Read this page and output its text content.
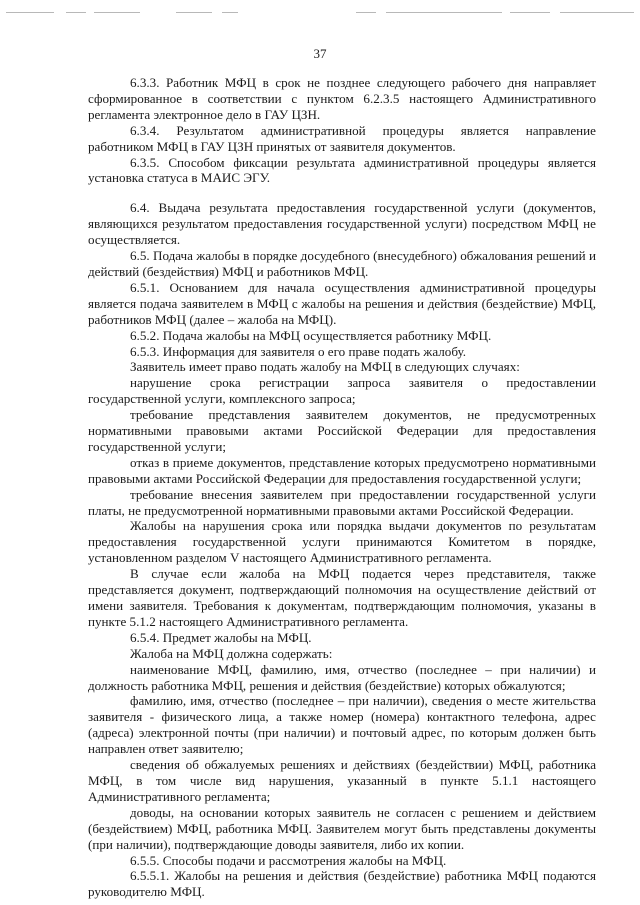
37

6.3.3. Работник МФЦ в срок не позднее следующего рабочего дня направляет сформированное в соответствии с пунктом 6.2.3.5 настоящего Административного регламента электронное дело в ГАУ ЦЗН.

6.3.4. Результатом административной процедуры является направление работником МФЦ в ГАУ ЦЗН принятых от заявителя документов.

6.3.5. Способом фиксации результата административной процедуры является установка статуса в МАИС ЭГУ.

6.4. Выдача результата предоставления государственной услуги (документов, являющихся результатом предоставления государственной услуги) посредством МФЦ не осуществляется.

6.5. Подача жалобы в порядке досудебного (внесудебного) обжалования решений и действий (бездействия) МФЦ и работников МФЦ.

6.5.1. Основанием для начала осуществления административной процедуры является подача заявителем в МФЦ с жалобы на решения и действия (бездействие) МФЦ, работников МФЦ (далее – жалоба на МФЦ).

6.5.2. Подача жалобы на МФЦ осуществляется работнику МФЦ.

6.5.3. Информация для заявителя о его праве подать жалобу.

Заявитель имеет право подать жалобу на МФЦ в следующих случаях:

нарушение срока регистрации запроса заявителя о предоставлении государственной услуги, комплексного запроса;

требование представления заявителем документов, не предусмотренных нормативными правовыми актами Российской Федерации для предоставления государственной услуги;

отказ в приеме документов, представление которых предусмотрено нормативными правовыми актами Российской Федерации для предоставления государственной услуги;

требование внесения заявителем при предоставлении государственной услуги платы, не предусмотренной нормативными правовыми актами Российской Федерации.

Жалобы на нарушения срока или порядка выдачи документов по результатам предоставления государственной услуги принимаются Комитетом в порядке, установленном разделом V настоящего Административного регламента.

В случае если жалоба на МФЦ подается через представителя, также представляется документ, подтверждающий полномочия на осуществление действий от имени заявителя. Требования к документам, подтверждающим полномочия, указаны в пункте 5.1.2 настоящего Административного регламента.

6.5.4. Предмет жалобы на МФЦ.

Жалоба на МФЦ должна содержать:

наименование МФЦ, фамилию, имя, отчество (последнее – при наличии) и должность работника МФЦ, решения и действия (бездействие) которых обжалуются;

фамилию, имя, отчество (последнее – при наличии), сведения о месте жительства заявителя - физического лица, а также номер (номера) контактного телефона, адрес (адреса) электронной почты (при наличии) и почтовый адрес, по которым должен быть направлен ответ заявителю;

сведения об обжалуемых решениях и действиях (бездействии) МФЦ, работника МФЦ, в том числе вид нарушения, указанный в пункте 5.1.1 настоящего Административного регламента;

доводы, на основании которых заявитель не согласен с решением и действием (бездействием) МФЦ, работника МФЦ. Заявителем могут быть представлены документы (при наличии), подтверждающие доводы заявителя, либо их копии.

6.5.5. Способы подачи и рассмотрения жалобы на МФЦ.

6.5.5.1. Жалобы на решения и действия (бездействие) работника МФЦ подаются руководителю МФЦ.
